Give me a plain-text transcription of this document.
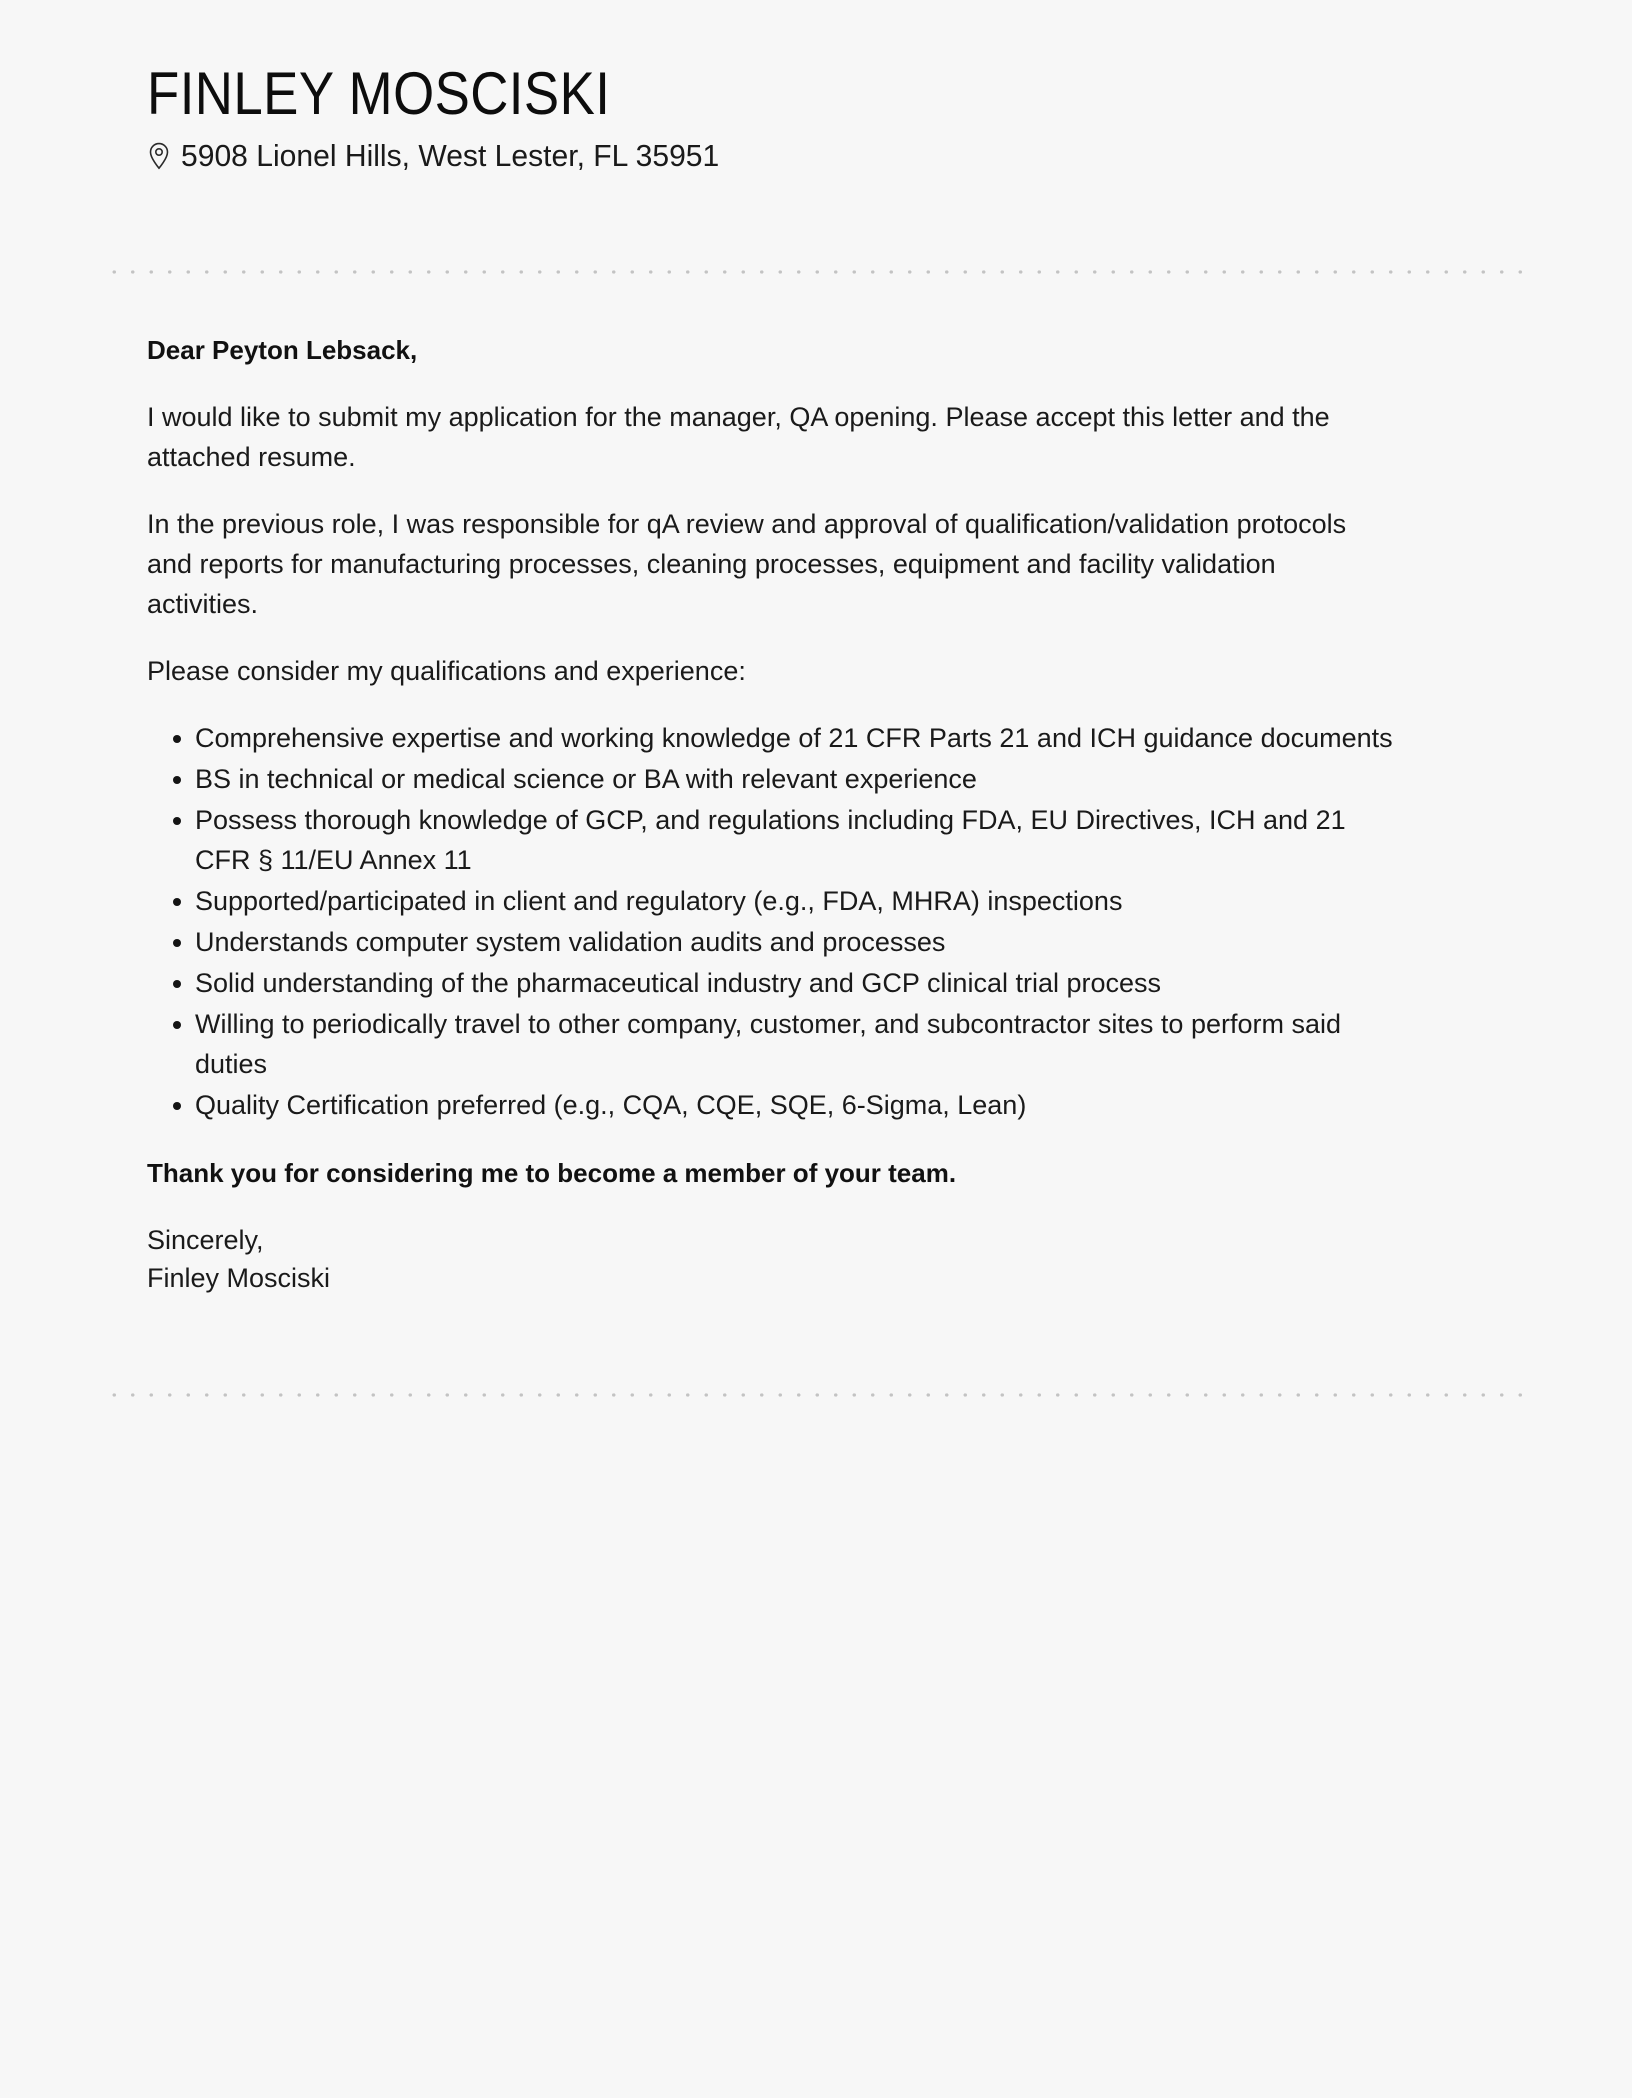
FINLEY MOSCISKI
5908 Lionel Hills, West Lester, FL 35951

Dear Peyton Lebsack,

I would like to submit my application for the manager, QA opening. Please accept this letter and the attached resume.

In the previous role, I was responsible for qA review and approval of qualification/validation protocols and reports for manufacturing processes, cleaning processes, equipment and facility validation activities.

Please consider my qualifications and experience:

Comprehensive expertise and working knowledge of 21 CFR Parts 21 and ICH guidance documents
BS in technical or medical science or BA with relevant experience
Possess thorough knowledge of GCP, and regulations including FDA, EU Directives, ICH and 21 CFR § 11/EU Annex 11
Supported/participated in client and regulatory (e.g., FDA, MHRA) inspections
Understands computer system validation audits and processes
Solid understanding of the pharmaceutical industry and GCP clinical trial process
Willing to periodically travel to other company, customer, and subcontractor sites to perform said duties
Quality Certification preferred (e.g., CQA, CQE, SQE, 6-Sigma, Lean)

Thank you for considering me to become a member of your team.

Sincerely,
Finley Mosciski
